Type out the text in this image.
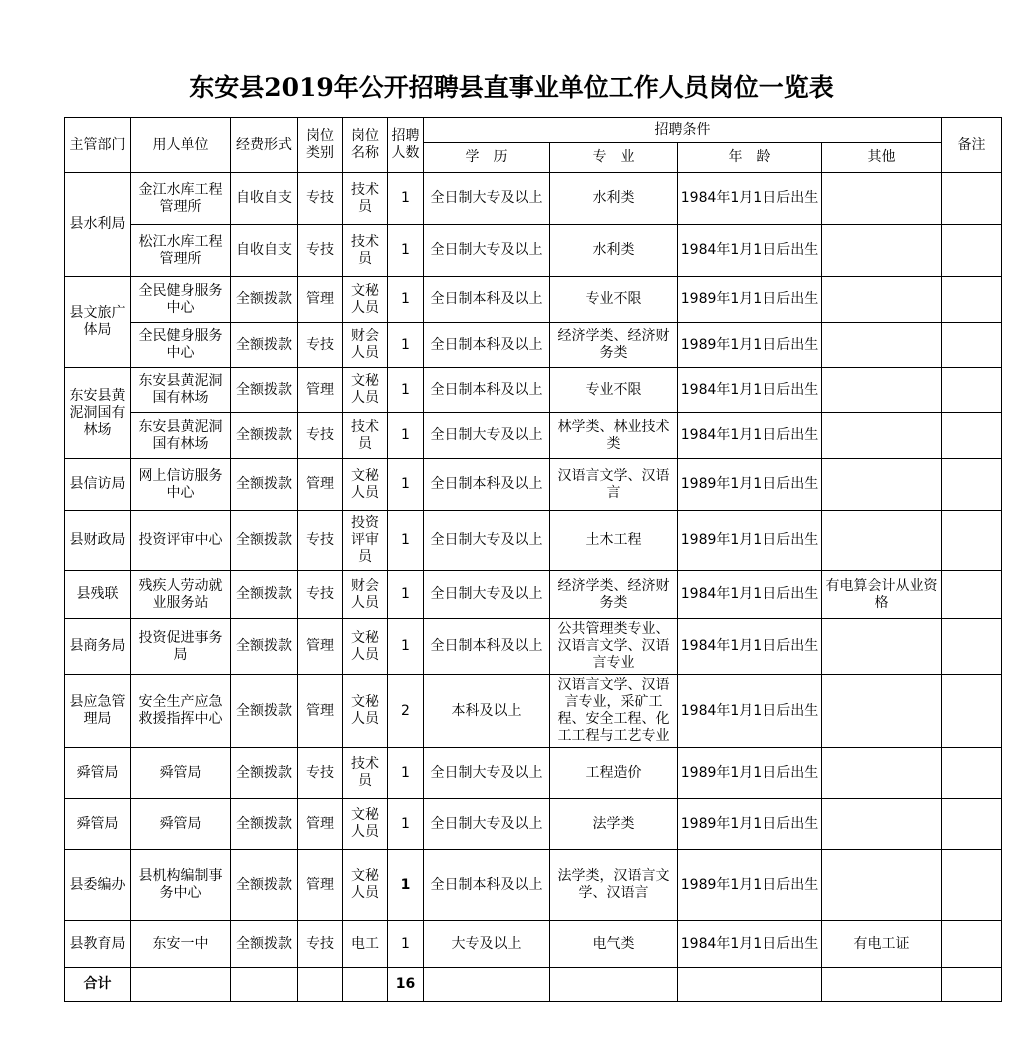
东安县2019年公开招聘县直事业单位工作人员岗位一览表
主管部门	用人单位	经费形式	岗位类别	岗位名称	招聘人数	招聘条件				备注
						学　历	专　业	年　龄	其他	
县水利局	金江水库工程管理所	自收自支	专技	技术员	1	全日制大专及以上	水利类	1984年1月1日后出生		
	松江水库工程管理所	自收自支	专技	技术员	1	全日制大专及以上	水利类	1984年1月1日后出生		
县文旅广体局	全民健身服务中心	全额拨款	管理	文秘人员	1	全日制本科及以上	专业不限	1989年1月1日后出生		
	全民健身服务中心	全额拨款	专技	财会人员	1	全日制本科及以上	经济学类、经济财务类	1989年1月1日后出生		
东安县黄泥洞国有林场	东安县黄泥洞国有林场	全额拨款	管理	文秘人员	1	全日制本科及以上	专业不限	1984年1月1日后出生		
	东安县黄泥洞国有林场	全额拨款	专技	技术员	1	全日制大专及以上	林学类、林业技术类	1984年1月1日后出生		
县信访局	网上信访服务中心	全额拨款	管理	文秘人员	1	全日制本科及以上	汉语言文学、汉语言	1989年1月1日后出生		
县财政局	投资评审中心	全额拨款	专技	投资评审员	1	全日制大专及以上	土木工程	1989年1月1日后出生		
县残联	残疾人劳动就业服务站	全额拨款	专技	财会人员	1	全日制大专及以上	经济学类、经济财务类	1984年1月1日后出生	有电算会计从业资格	
县商务局	投资促进事务局	全额拨款	管理	文秘人员	1	全日制本科及以上	公共管理类专业、汉语言文学、汉语言专业	1984年1月1日后出生		
县应急管理局	安全生产应急救援指挥中心	全额拨款	管理	文秘人员	2	本科及以上	汉语言文学、汉语言专业，采矿工程、安全工程、化工工程与工艺专业	1984年1月1日后出生		
舜管局	舜管局	全额拨款	专技	技术员	1	全日制大专及以上	工程造价	1989年1月1日后出生		
舜管局	舜管局	全额拨款	管理	文秘人员	1	全日制大专及以上	法学类	1989年1月1日后出生		
县委编办	县机构编制事务中心	全额拨款	管理	文秘人员	1	全日制本科及以上	法学类，汉语言文学、汉语言	1989年1月1日后出生		
县教育局	东安一中	全额拨款	专技	电工	1	大专及以上	电气类	1984年1月1日后出生	有电工证	
合计					16					
